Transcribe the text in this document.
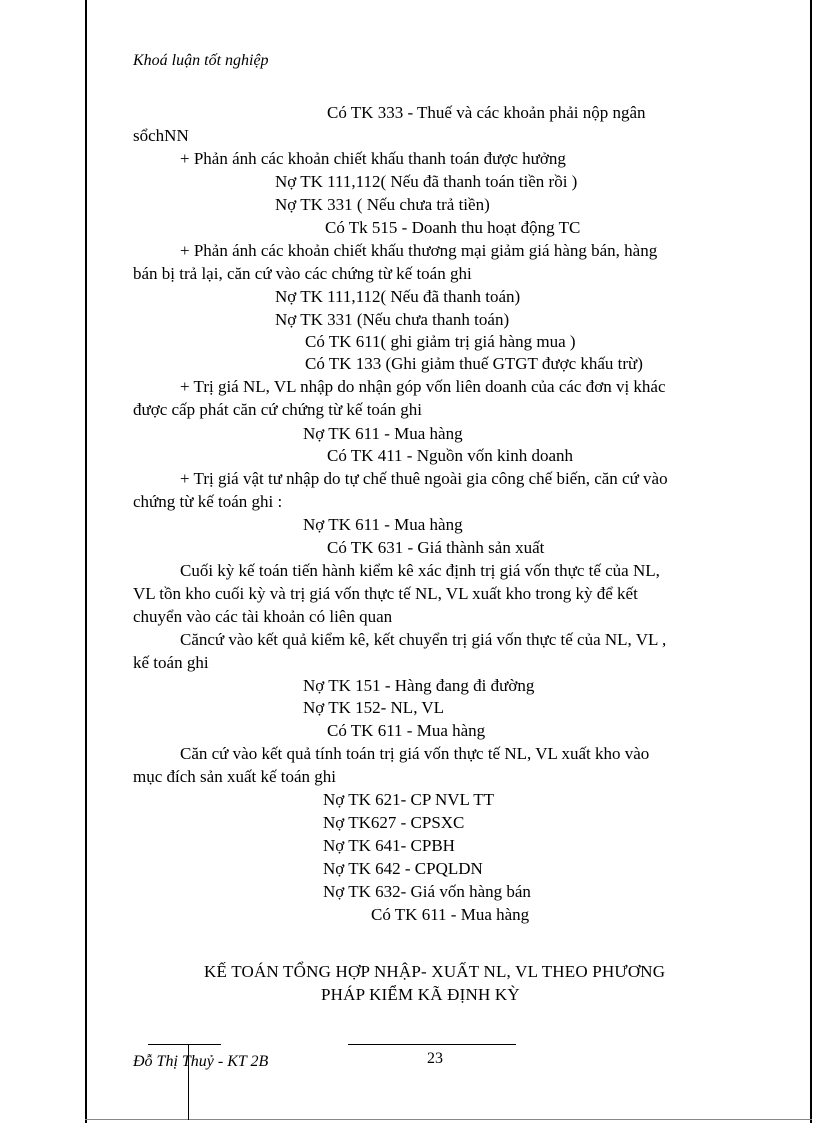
Khoá luận tốt nghiệp
Có TK 333 - Thuế và các khoản phải nộp ngân
sổchNN
+ Phản ánh các khoản chiết khấu thanh toán được hưởng
Nợ TK 111,112( Nếu đã thanh toán tiền rồi )
Nợ TK 331 ( Nếu chưa trả tiền)
Có Tk 515 - Doanh thu hoạt động TC
+ Phản ánh các khoản chiết khấu thương mại giảm giá hàng bán, hàng
bán bị trả lại, căn cứ vào các chứng từ kế toán ghi
Nợ TK 111,112( Nếu đã thanh toán)
Nợ TK 331 (Nếu chưa thanh toán)
Có TK 611( ghi giảm trị giá hàng mua )
Có TK 133 (Ghi giảm thuế GTGT được khấu trừ)
+ Trị giá NL, VL nhập do nhận góp vốn liên doanh của các đơn vị khác
được cấp phát căn cứ chứng từ kế toán ghi
Nợ TK 611 - Mua hàng
Có TK 411 - Nguồn vốn kinh doanh
+ Trị giá vật tư nhập do tự chế thuê ngoài gia công chế biến, căn cứ vào
chứng từ kế toán ghi :
Nợ TK 611 - Mua hàng
Có TK 631 - Giá thành sản xuất
Cuối kỳ kế toán tiến hành kiểm kê xác định trị giá vốn thực tế của NL,
VL tồn kho cuối kỳ và trị giá vốn thực tế NL, VL xuất kho trong kỳ để kết
chuyển vào các tài khoản có liên quan
Căncứ vào kết quả kiểm kê, kết chuyển trị giá vốn thực tế của NL, VL ,
kế toán ghi
Nợ TK 151 - Hàng đang đi đường
Nợ TK 152- NL, VL
Có TK 611 - Mua hàng
Căn cứ vào kết quả tính toán trị giá vốn thực tế NL, VL xuất kho vào
mục đích sản xuất kế toán ghi
Nợ TK 621- CP NVL TT
Nợ TK627 - CPSXC
Nợ TK 641- CPBH
Nợ TK 642 - CPQLDN
Nợ TK 632- Giá vốn hàng bán
Có TK 611 - Mua hàng
KẾ TOÁN TỔNG HỢP NHẬP- XUẤT NL, VL THEO PHƯƠNG
PHÁP KIỂM KÃ ĐỊNH KỲ
Đỗ Thị Thuỷ - KT 2B	23
